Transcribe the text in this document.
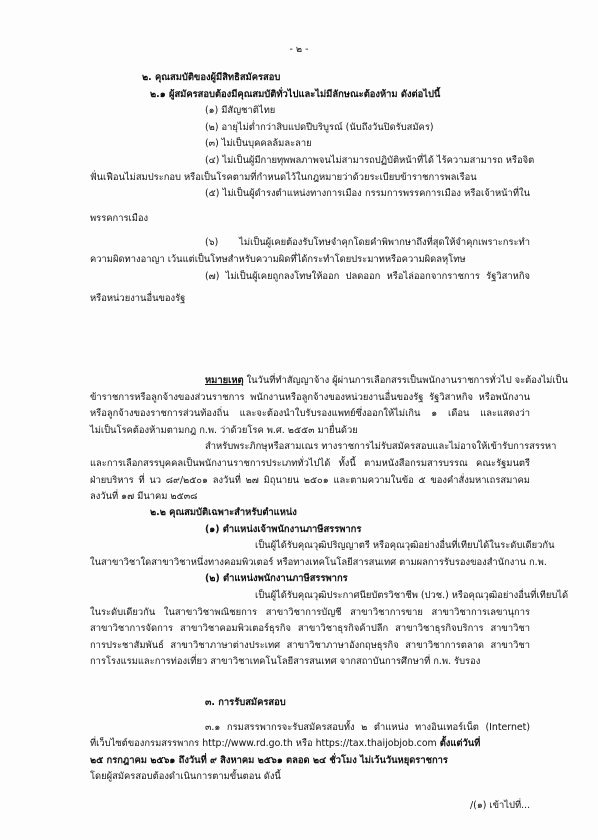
- ๒ -
๒. คุณสมบัติของผู้มีสิทธิสมัครสอบ
๒.๑ ผู้สมัครสอบต้องมีคุณสมบัติทั่วไปและไม่มีลักษณะต้องห้าม ดังต่อไปนี้
(๑) มีสัญชาติไทย
(๒) อายุไม่ต่ำกว่าสิบแปดปีบริบูรณ์ (นับถึงวันปิดรับสมัคร)
(๓) ไม่เป็นบุคคลล้มละลาย
(๔) ไม่เป็นผู้มีกายทุพพลภาพจนไม่สามารถปฏิบัติหน้าที่ได้ ไร้ความสามารถ หรือจิต
ฟั่นเฟือนไม่สมประกอบ หรือเป็นโรคตามที่กำหนดไว้ในกฎหมายว่าด้วยระเบียบข้าราชการพลเรือน
(๕) ไม่เป็นผู้ดำรงตำแหน่งทางการเมือง กรรมการพรรคการเมือง หรือเจ้าหน้าที่ใน
พรรคการเมือง
(๖) ไม่เป็นผู้เคยต้องรับโทษจำคุกโดยคำพิพากษาถึงที่สุดให้จำคุกเพราะกระทำ
ความผิดทางอาญา เว้นแต่เป็นโทษสำหรับความผิดที่ได้กระทำโดยประมาทหรือความผิดลหุโทษ
(๗) ไม่เป็นผู้เคยถูกลงโทษให้ออก ปลดออก หรือไล่ออกจากราชการ รัฐวิสาหกิจ
หรือหน่วยงานอื่นของรัฐ
หมายเหตุ ในวันที่ทำสัญญาจ้าง ผู้ผ่านการเลือกสรรเป็นพนักงานราชการทั่วไป จะต้องไม่เป็น
ข้าราชการหรือลูกจ้างของส่วนราชการ พนักงานหรือลูกจ้างของหน่วยงานอื่นของรัฐ รัฐวิสาหกิจ หรือพนักงาน
หรือลูกจ้างของราชการส่วนท้องถิ่น และจะต้องนำใบรับรองแพทย์ซึ่งออกให้ไม่เกิน ๑ เดือน และแสดงว่า
ไม่เป็นโรคต้องห้ามตามกฎ ก.พ. ว่าด้วยโรค พ.ศ. ๒๕๕๓ มายื่นด้วย
สำหรับพระภิกษุหรือสามเณร ทางราชการไม่รับสมัครสอบและไม่อาจให้เข้ารับการสรรหา
และการเลือกสรรบุคคลเป็นพนักงานราชการประเภททั่วไปได้ ทั้งนี้ ตามหนังสือกรมสารบรรณ คณะรัฐมนตรี
ฝ่ายบริหาร ที่ นว ๘๙/๒๕๐๑ ลงวันที่ ๒๗ มิถุนายน ๒๕๐๑ และตามความในข้อ ๕ ของคำสั่งมหาเถรสมาคม
ลงวันที่ ๑๗ มีนาคม ๒๕๓๘
๒.๒ คุณสมบัติเฉพาะสำหรับตำแหน่ง
(๑) ตำแหน่งเจ้าพนักงานภาษีสรรพากร
เป็นผู้ได้รับคุณวุฒิปริญญาตรี หรือคุณวุฒิอย่างอื่นที่เทียบได้ในระดับเดียวกัน
ในสาขาวิชาใดสาขาวิชาหนึ่งทางคอมพิวเตอร์ หรือทางเทคโนโลยีสารสนเทศ ตามผลการรับรองของสำนักงาน ก.พ.
(๒) ตำแหน่งพนักงานภาษีสรรพากร
เป็นผู้ได้รับคุณวุฒิประกาศนียบัตรวิชาชีพ (ปวช.) หรือคุณวุฒิอย่างอื่นที่เทียบได้
ในระดับเดียวกัน ในสาขาวิชาพณิชยการ สาขาวิชาการบัญชี สาขาวิชาการขาย สาขาวิชาการเลขานุการ
สาขาวิชาการจัดการ สาขาวิชาคอมพิวเตอร์ธุรกิจ สาขาวิชาธุรกิจค้าปลีก สาขาวิชาธุรกิจบริการ สาขาวิชา
การประชาสัมพันธ์ สาขาวิชาภาษาต่างประเทศ สาขาวิชาภาษาอังกฤษธุรกิจ สาขาวิชาการตลาด สาขาวิชา
การโรงแรมและการท่องเที่ยว สาขาวิชาเทคโนโลยีสารสนเทศ จากสถาบันการศึกษาที่ ก.พ. รับรอง
๓. การรับสมัครสอบ
๓.๑ กรมสรรพากรจะรับสมัครสอบทั้ง ๒ ตำแหน่ง ทางอินเทอร์เน็ต (Internet)
ที่เว็บไซต์ของกรมสรรพากร http://www.rd.go.th หรือ https://tax.thaijobjob.com ตั้งแต่วันที่
๒๕ กรกฎาคม ๒๕๖๑ ถึงวันที่ ๙ สิงหาคม ๒๕๖๑ ตลอด ๒๔ ชั่วโมง ไม่เว้นวันหยุดราชการ
โดยผู้สมัครสอบต้องดำเนินการตามขั้นตอน ดังนี้
/(๑) เข้าไปที่...
